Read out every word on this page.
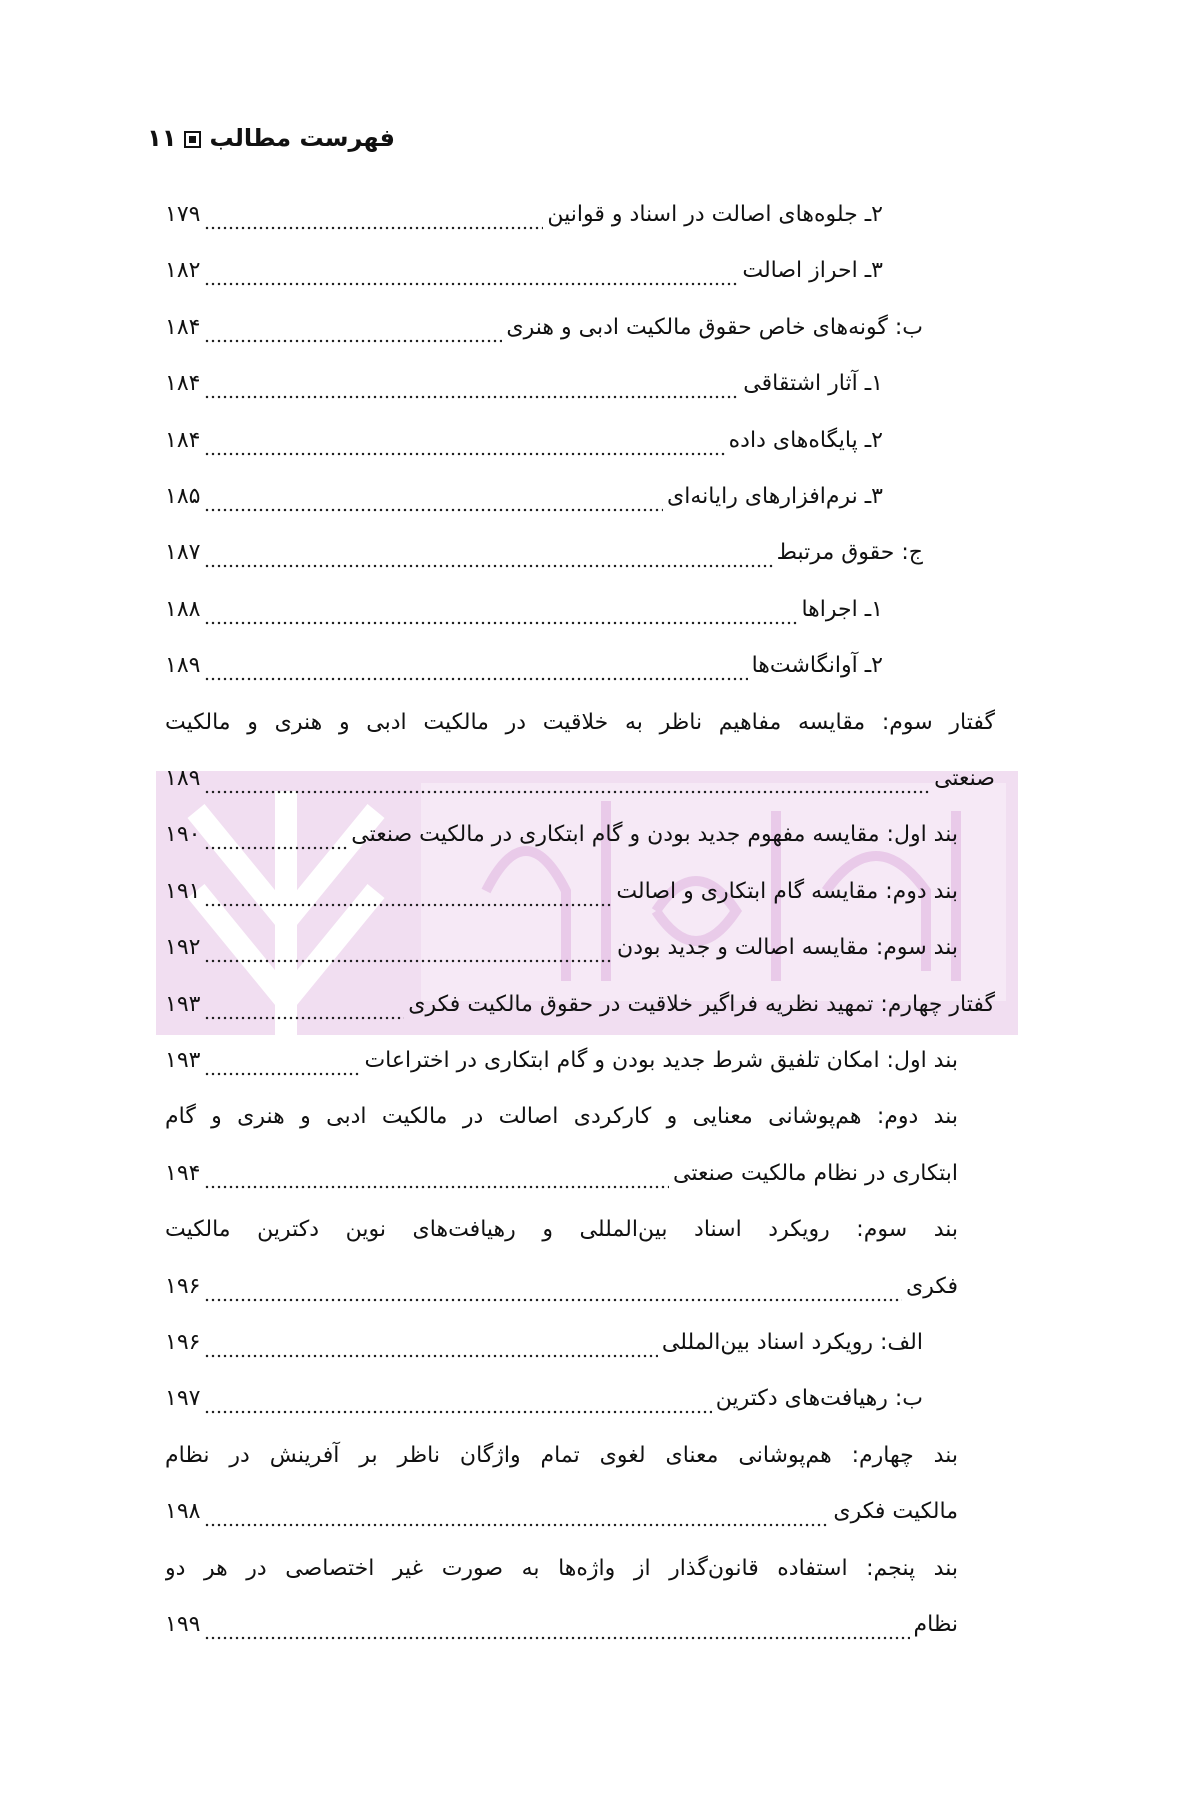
فهرست مطالب۱۱
۲ـ جلوه‌های اصالت در اسناد و قوانین
۱۷۹
۳ـ احراز اصالت
۱۸۲
ب: گونه‌های خاص حقوق مالکیت ادبی و هنری
۱۸۴
۱ـ آثار اشتقاقی
۱۸۴
۲ـ پایگاه‌های داده
۱۸۴
۳ـ نرم‌افزارهای رایانه‌ای
۱۸۵
ج: حقوق مرتبط
۱۸۷
۱ـ اجراها
۱۸۸
۲ـ آوانگاشت‌ها
۱۸۹
گفتار سوم: مقایسه مفاهیم ناظر به خلاقیت در مالکیت ادبی و هنری و مالکیت
صنعتی
۱۸۹
بند اول: مقایسه مفهوم جدید بودن و گام ابتکاری در مالکیت صنعتی
۱۹۰
بند دوم: مقایسه گام ابتکاری و اصالت
۱۹۱
بند سوم: مقایسه اصالت و جدید بودن
۱۹۲
گفتار چهارم: تمهید نظریه فراگیر خلاقیت در حقوق مالکیت فکری
۱۹۳
بند اول: امکان تلفیق شرط جدید بودن و گام ابتکاری در اختراعات
۱۹۳
بند دوم: هم‌پوشانی معنایی و کارکردی اصالت در مالکیت ادبی و هنری و گام
ابتکاری در نظام مالکیت صنعتی
۱۹۴
بند سوم: رویکرد اسناد بین‌المللی و رهیافت‌های نوین دکترین مالکیت
فکری
۱۹۶
الف: رویکرد اسناد بین‌المللی
۱۹۶
ب: رهیافت‌های دکترین
۱۹۷
بند چهارم: هم‌پوشانی معنای لغوی تمام واژگان ناظر بر آفرینش در نظام
مالکیت فکری
۱۹۸
بند پنجم: استفاده قانون‌گذار از واژه‌ها به صورت غیر اختصاصی در هر دو
نظام
۱۹۹
